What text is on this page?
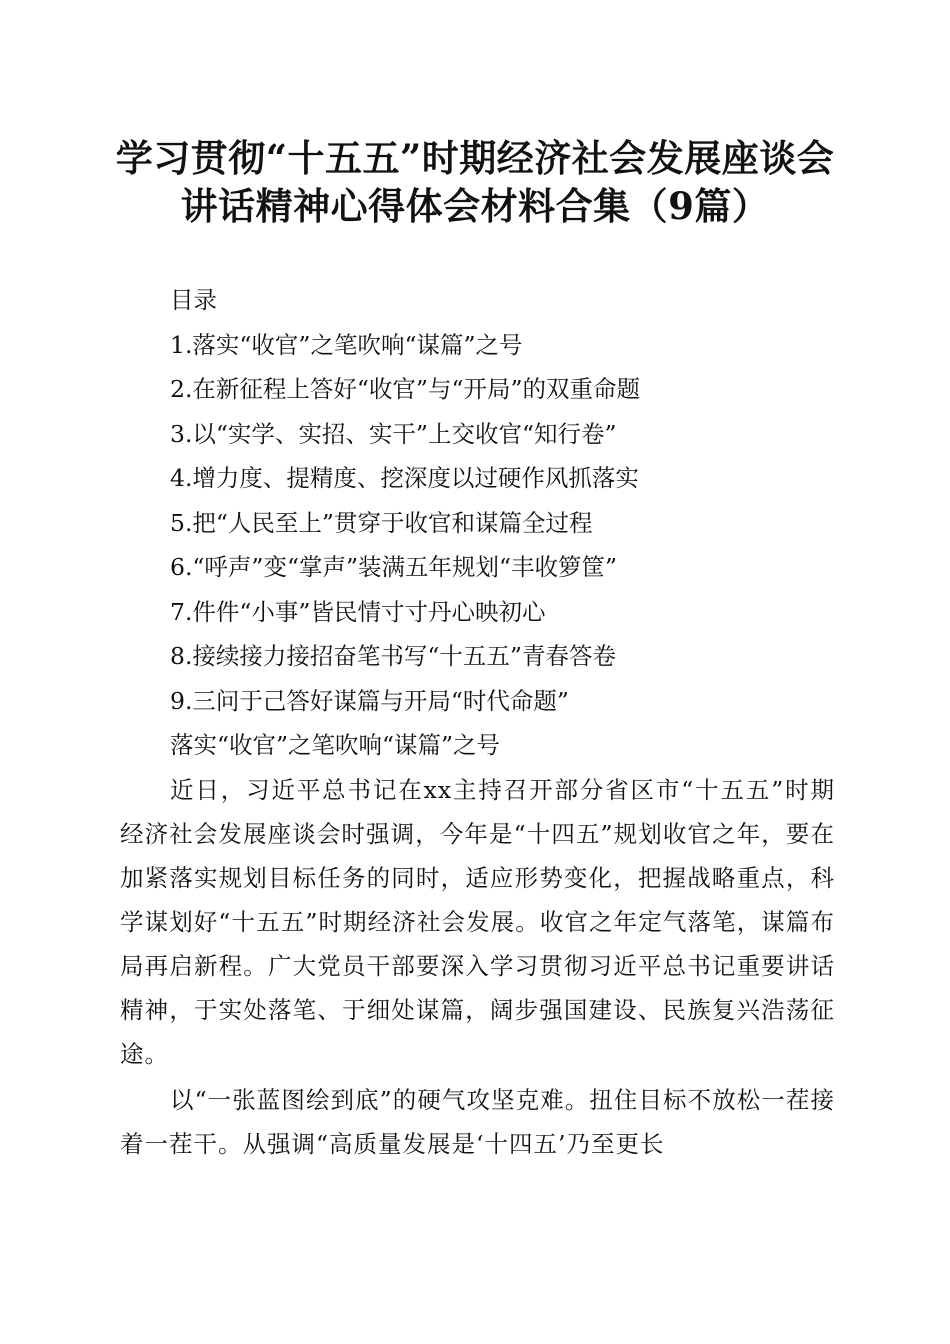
学习贯彻“十五五”时期经济社会发展座谈会
讲话精神心得体会材料合集（9篇）
目录
1.落实“收官”之笔吹响“谋篇”之号
2.在新征程上答好“收官”与“开局”的双重命题
3.以“实学、实招、实干”上交收官“知行卷”
4.增力度、提精度、挖深度以过硬作风抓落实
5.把“人民至上”贯穿于收官和谋篇全过程
6.“呼声”变“掌声”装满五年规划“丰收箩筐”
7.件件“小事”皆民情寸寸丹心映初心
8.接续接力接招奋笔书写“十五五”青春答卷
9.三问于己答好谋篇与开局“时代命题”
落实“收官”之笔吹响“谋篇”之号

近日，习近平总书记在xx主持召开部分省区市“十五五”时期经济社会发展座谈会时强调，今年是“十四五”规划收官之年，要在加紧落实规划目标任务的同时，适应形势变化，把握战略重点，科学谋划好“十五五”时期经济社会发展。收官之年定气落笔，谋篇布局再启新程。广大党员干部要深入学习贯彻习近平总书记重要讲话精神，于实处落笔、于细处谋篇，阔步强国建设、民族复兴浩荡征途。

以“一张蓝图绘到底”的硬气攻坚克难。扭住目标不放松一茬接着一茬干。从强调“高质量发展是‘十四五’乃至更长
